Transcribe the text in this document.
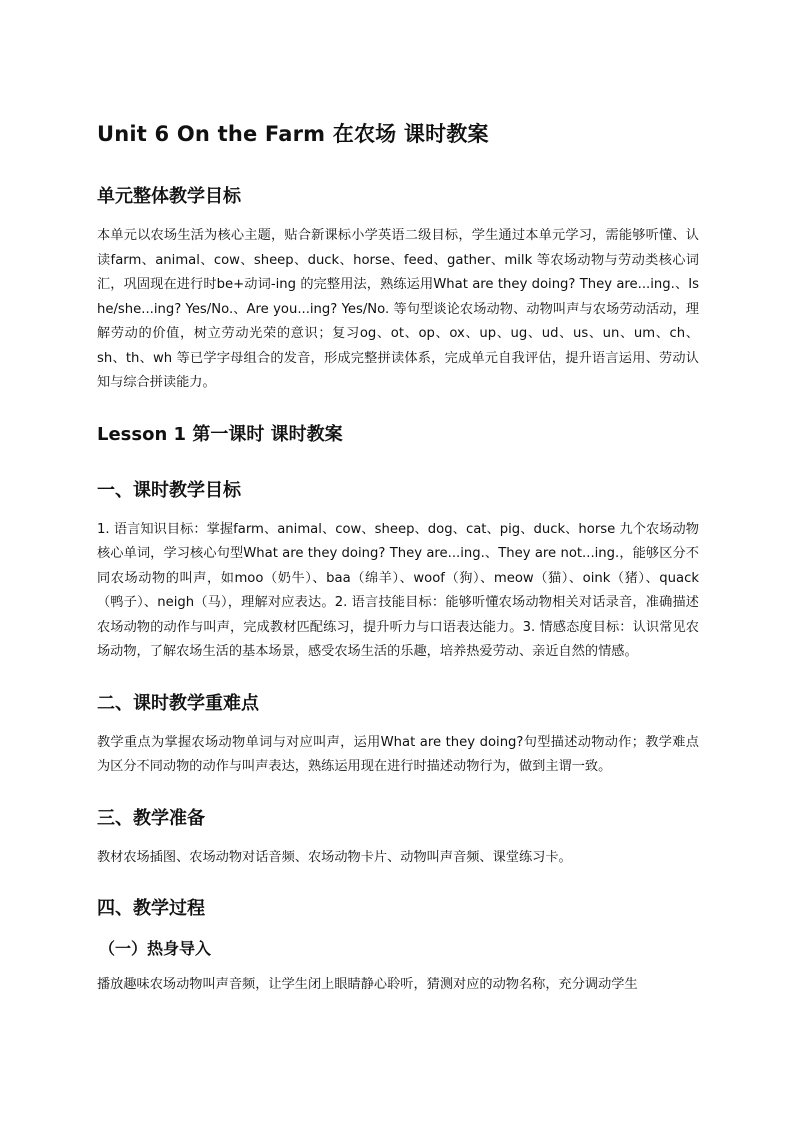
Unit 6 On the Farm 在农场 课时教案
单元整体教学目标

本单元以农场生活为核心主题，贴合新课标小学英语二级目标，学生通过本单元学习，需能够听懂、认读farm、animal、cow、sheep、duck、horse、feed、gather、milk 等农场动物与劳动类核心词汇，巩固现在进行时be+动词-ing 的完整用法，熟练运用What are they doing? They are...ing.、Is he/she...ing? Yes/No.、Are you...ing? Yes/No. 等句型谈论农场动物、动物叫声与农场劳动活动，理解劳动的价值，树立劳动光荣的意识；复习og、ot、op、ox、up、ug、ud、us、un、um、ch、sh、th、wh 等已学字母组合的发音，形成完整拼读体系，完成单元自我评估，提升语言运用、劳动认知与综合拼读能力。

Lesson 1 第一课时 课时教案
一、课时教学目标

1. 语言知识目标：掌握farm、animal、cow、sheep、dog、cat、pig、duck、horse 九个农场动物核心单词，学习核心句型What are they doing? They are...ing.、They are not...ing.，能够区分不同农场动物的叫声，如moo（奶牛）、baa（绵羊）、woof（狗）、meow（猫）、oink（猪）、quack（鸭子）、neigh（马），理解对应表达。2. 语言技能目标：能够听懂农场动物相关对话录音，准确描述农场动物的动作与叫声，完成教材匹配练习，提升听力与口语表达能力。3. 情感态度目标：认识常见农场动物，了解农场生活的基本场景，感受农场生活的乐趣，培养热爱劳动、亲近自然的情感。

二、课时教学重难点

教学重点为掌握农场动物单词与对应叫声，运用What are they doing?句型描述动物动作；教学难点为区分不同动物的动作与叫声表达，熟练运用现在进行时描述动物行为，做到主谓一致。

三、教学准备

教材农场插图、农场动物对话音频、农场动物卡片、动物叫声音频、课堂练习卡。

四、教学过程
（一）热身导入

播放趣味农场动物叫声音频，让学生闭上眼睛静心聆听，猜测对应的动物名称，充分调动学生
